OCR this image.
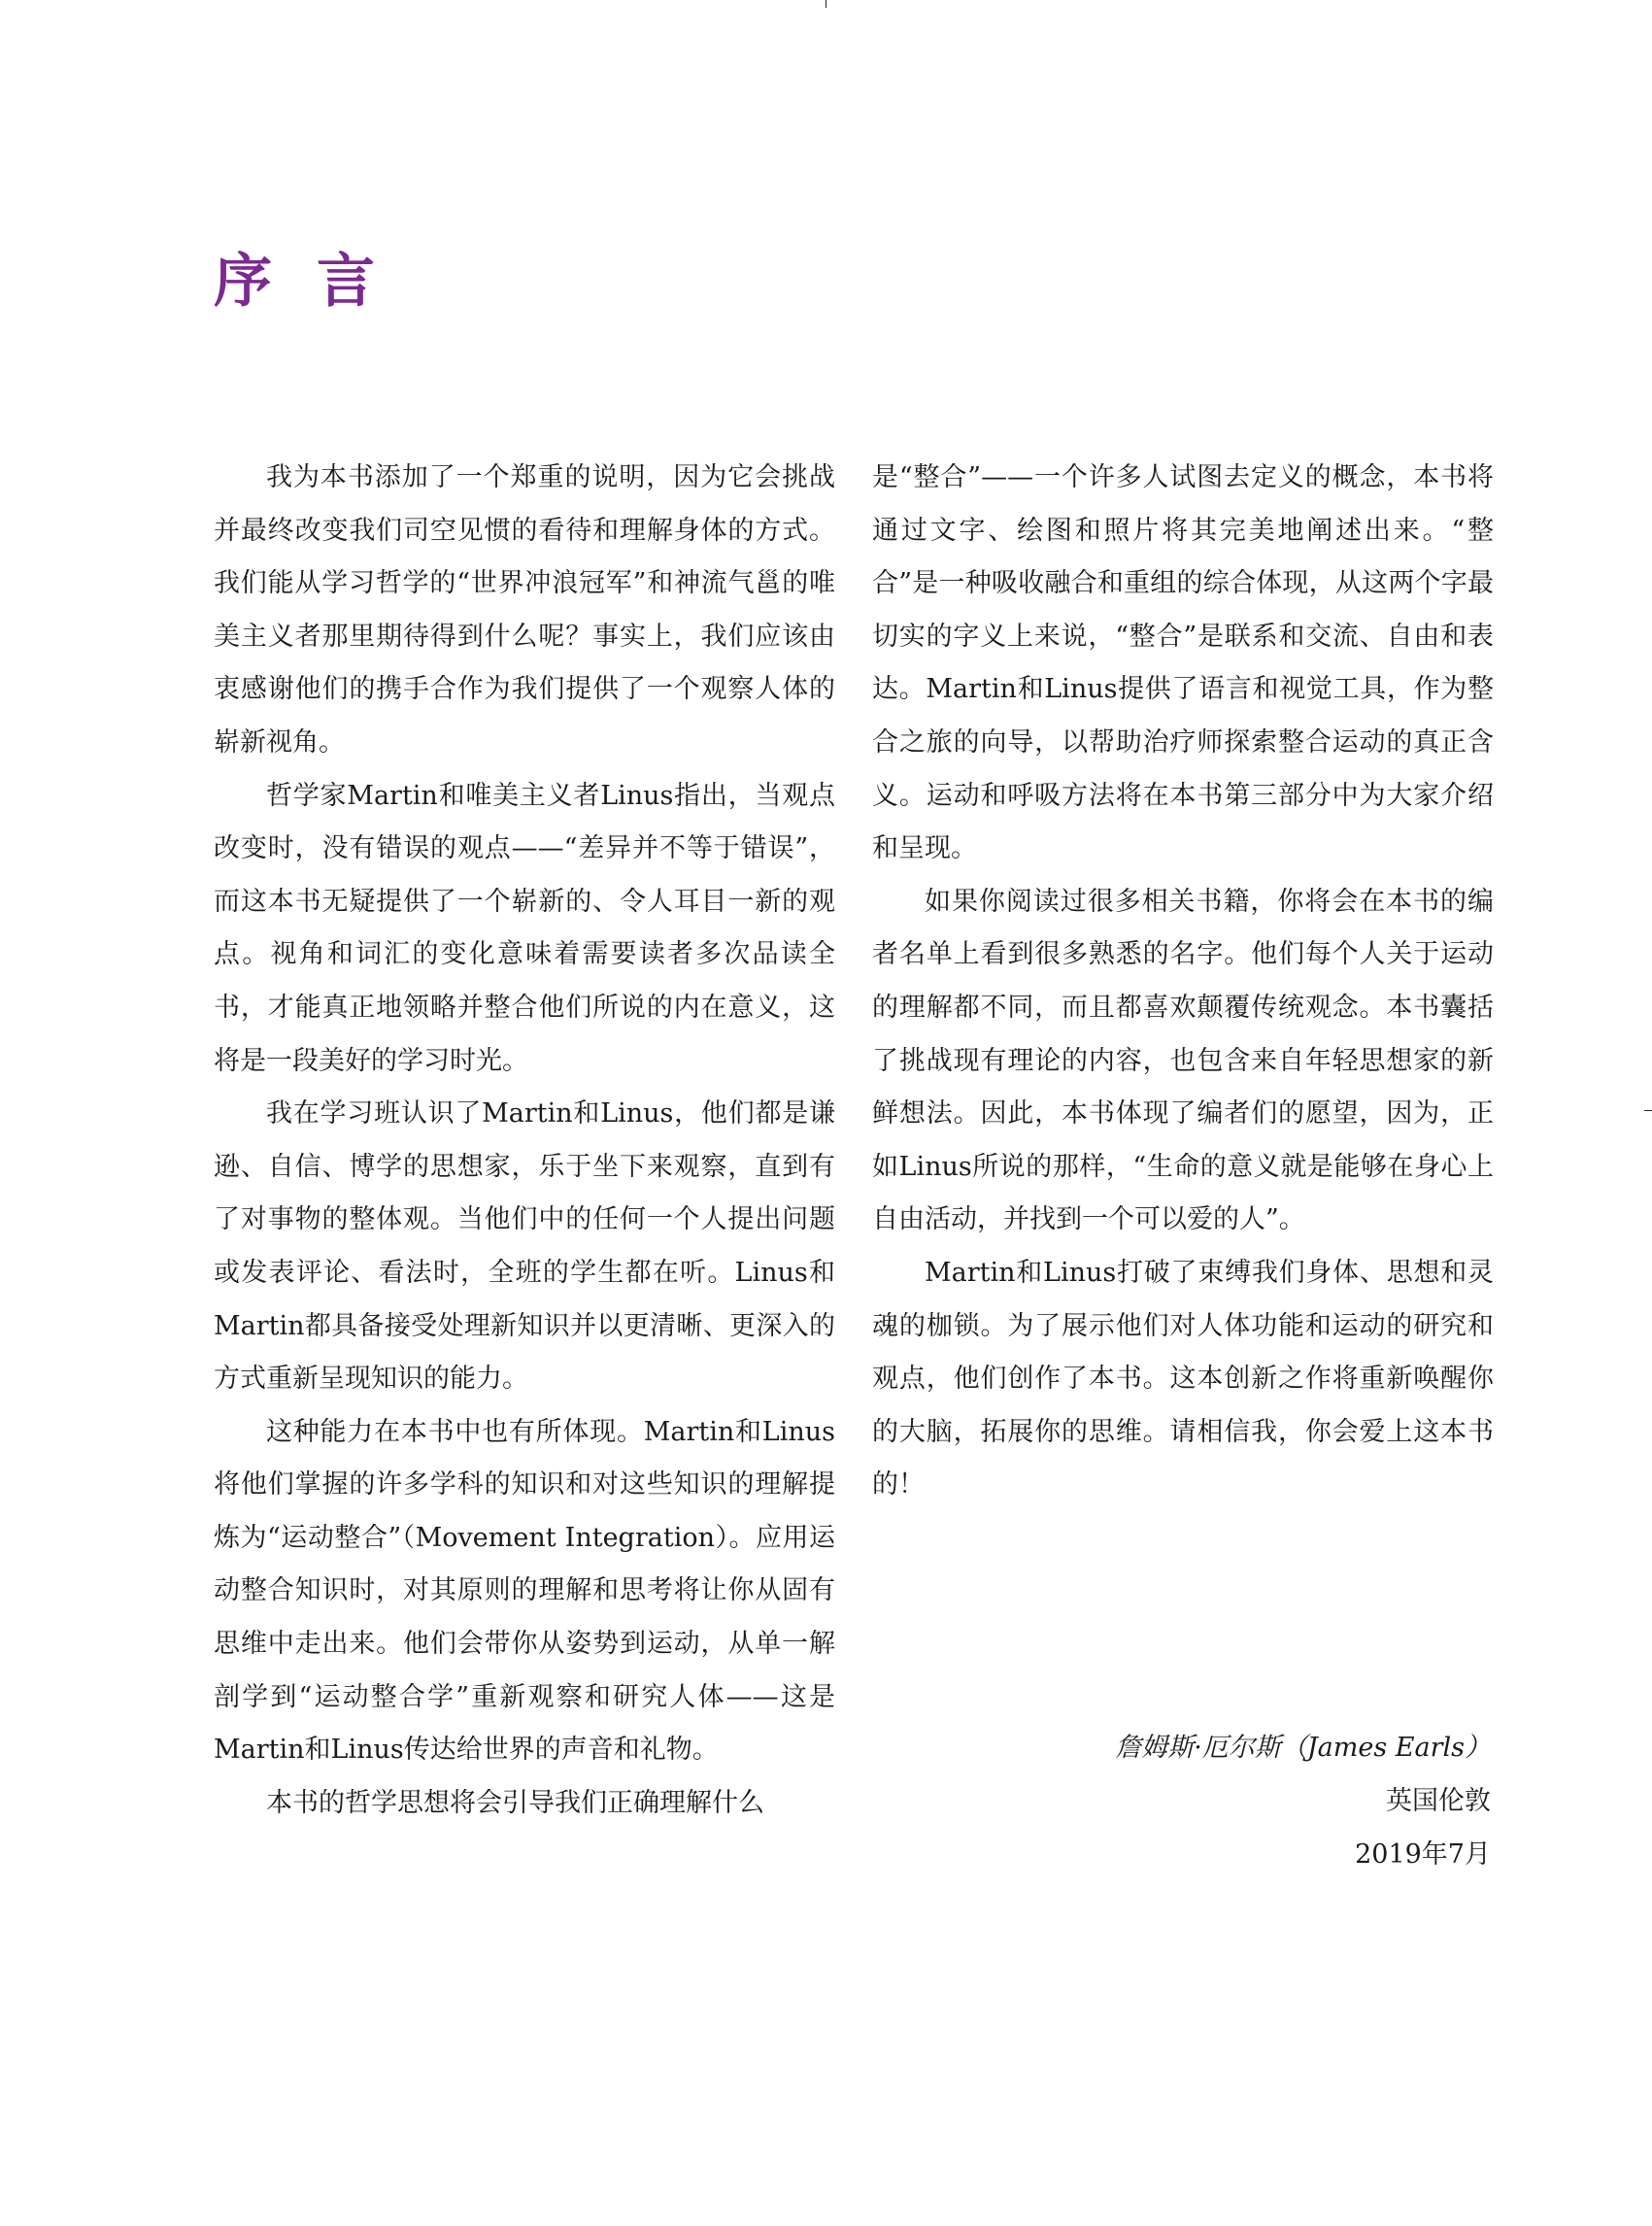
序言

我为本书添加了一个郑重的说明，因为它会挑战并最终改变我们司空见惯的看待和理解身体的方式。我们能从学习哲学的“世界冲浪冠军”和神流气邕的唯美主义者那里期待得到什么呢？事实上，我们应该由衷感谢他们的携手合作为我们提供了一个观察人体的崭新视角。

哲学家Martin和唯美主义者Linus指出，当观点改变时，没有错误的观点——“差异并不等于错误”，而这本书无疑提供了一个崭新的、令人耳目一新的观点。视角和词汇的变化意味着需要读者多次品读全书，才能真正地领略并整合他们所说的内在意义，这将是一段美好的学习时光。

我在学习班认识了Martin和Linus，他们都是谦逊、自信、博学的思想家，乐于坐下来观察，直到有了对事物的整体观。当他们中的任何一个人提出问题或发表评论、看法时，全班的学生都在听。Linus和Martin都具备接受处理新知识并以更清晰、更深入的方式重新呈现知识的能力。

这种能力在本书中也有所体现。Martin和Linus将他们掌握的许多学科的知识和对这些知识的理解提炼为“运动整合”（Movement Integration）。应用运动整合知识时，对其原则的理解和思考将让你从固有思维中走出来。他们会带你从姿势到运动，从单一解剖学到“运动整合学”重新观察和研究人体——这是Martin和Linus传达给世界的声音和礼物。

本书的哲学思想将会引导我们正确理解什么

是“整合”——一个许多人试图去定义的概念，本书将通过文字、绘图和照片将其完美地阐述出来。“整合”是一种吸收融合和重组的综合体现，从这两个字最切实的字义上来说，“整合”是联系和交流、自由和表达。Martin和Linus提供了语言和视觉工具，作为整合之旅的向导，以帮助治疗师探索整合运动的真正含义。运动和呼吸方法将在本书第三部分中为大家介绍和呈现。

如果你阅读过很多相关书籍，你将会在本书的编者名单上看到很多熟悉的名字。他们每个人关于运动的理解都不同，而且都喜欢颠覆传统观念。本书囊括了挑战现有理论的内容，也包含来自年轻思想家的新鲜想法。因此，本书体现了编者们的愿望，因为，正如Linus所说的那样，“生命的意义就是能够在身心上自由活动，并找到一个可以爱的人”。

Martin和Linus打破了束缚我们身体、思想和灵魂的枷锁。为了展示他们对人体功能和运动的研究和观点，他们创作了本书。这本创新之作将重新唤醒你的大脑，拓展你的思维。请相信我，你会爱上这本书的！

詹姆斯·厄尔斯（James Earls）
英国伦敦
2019年7月
